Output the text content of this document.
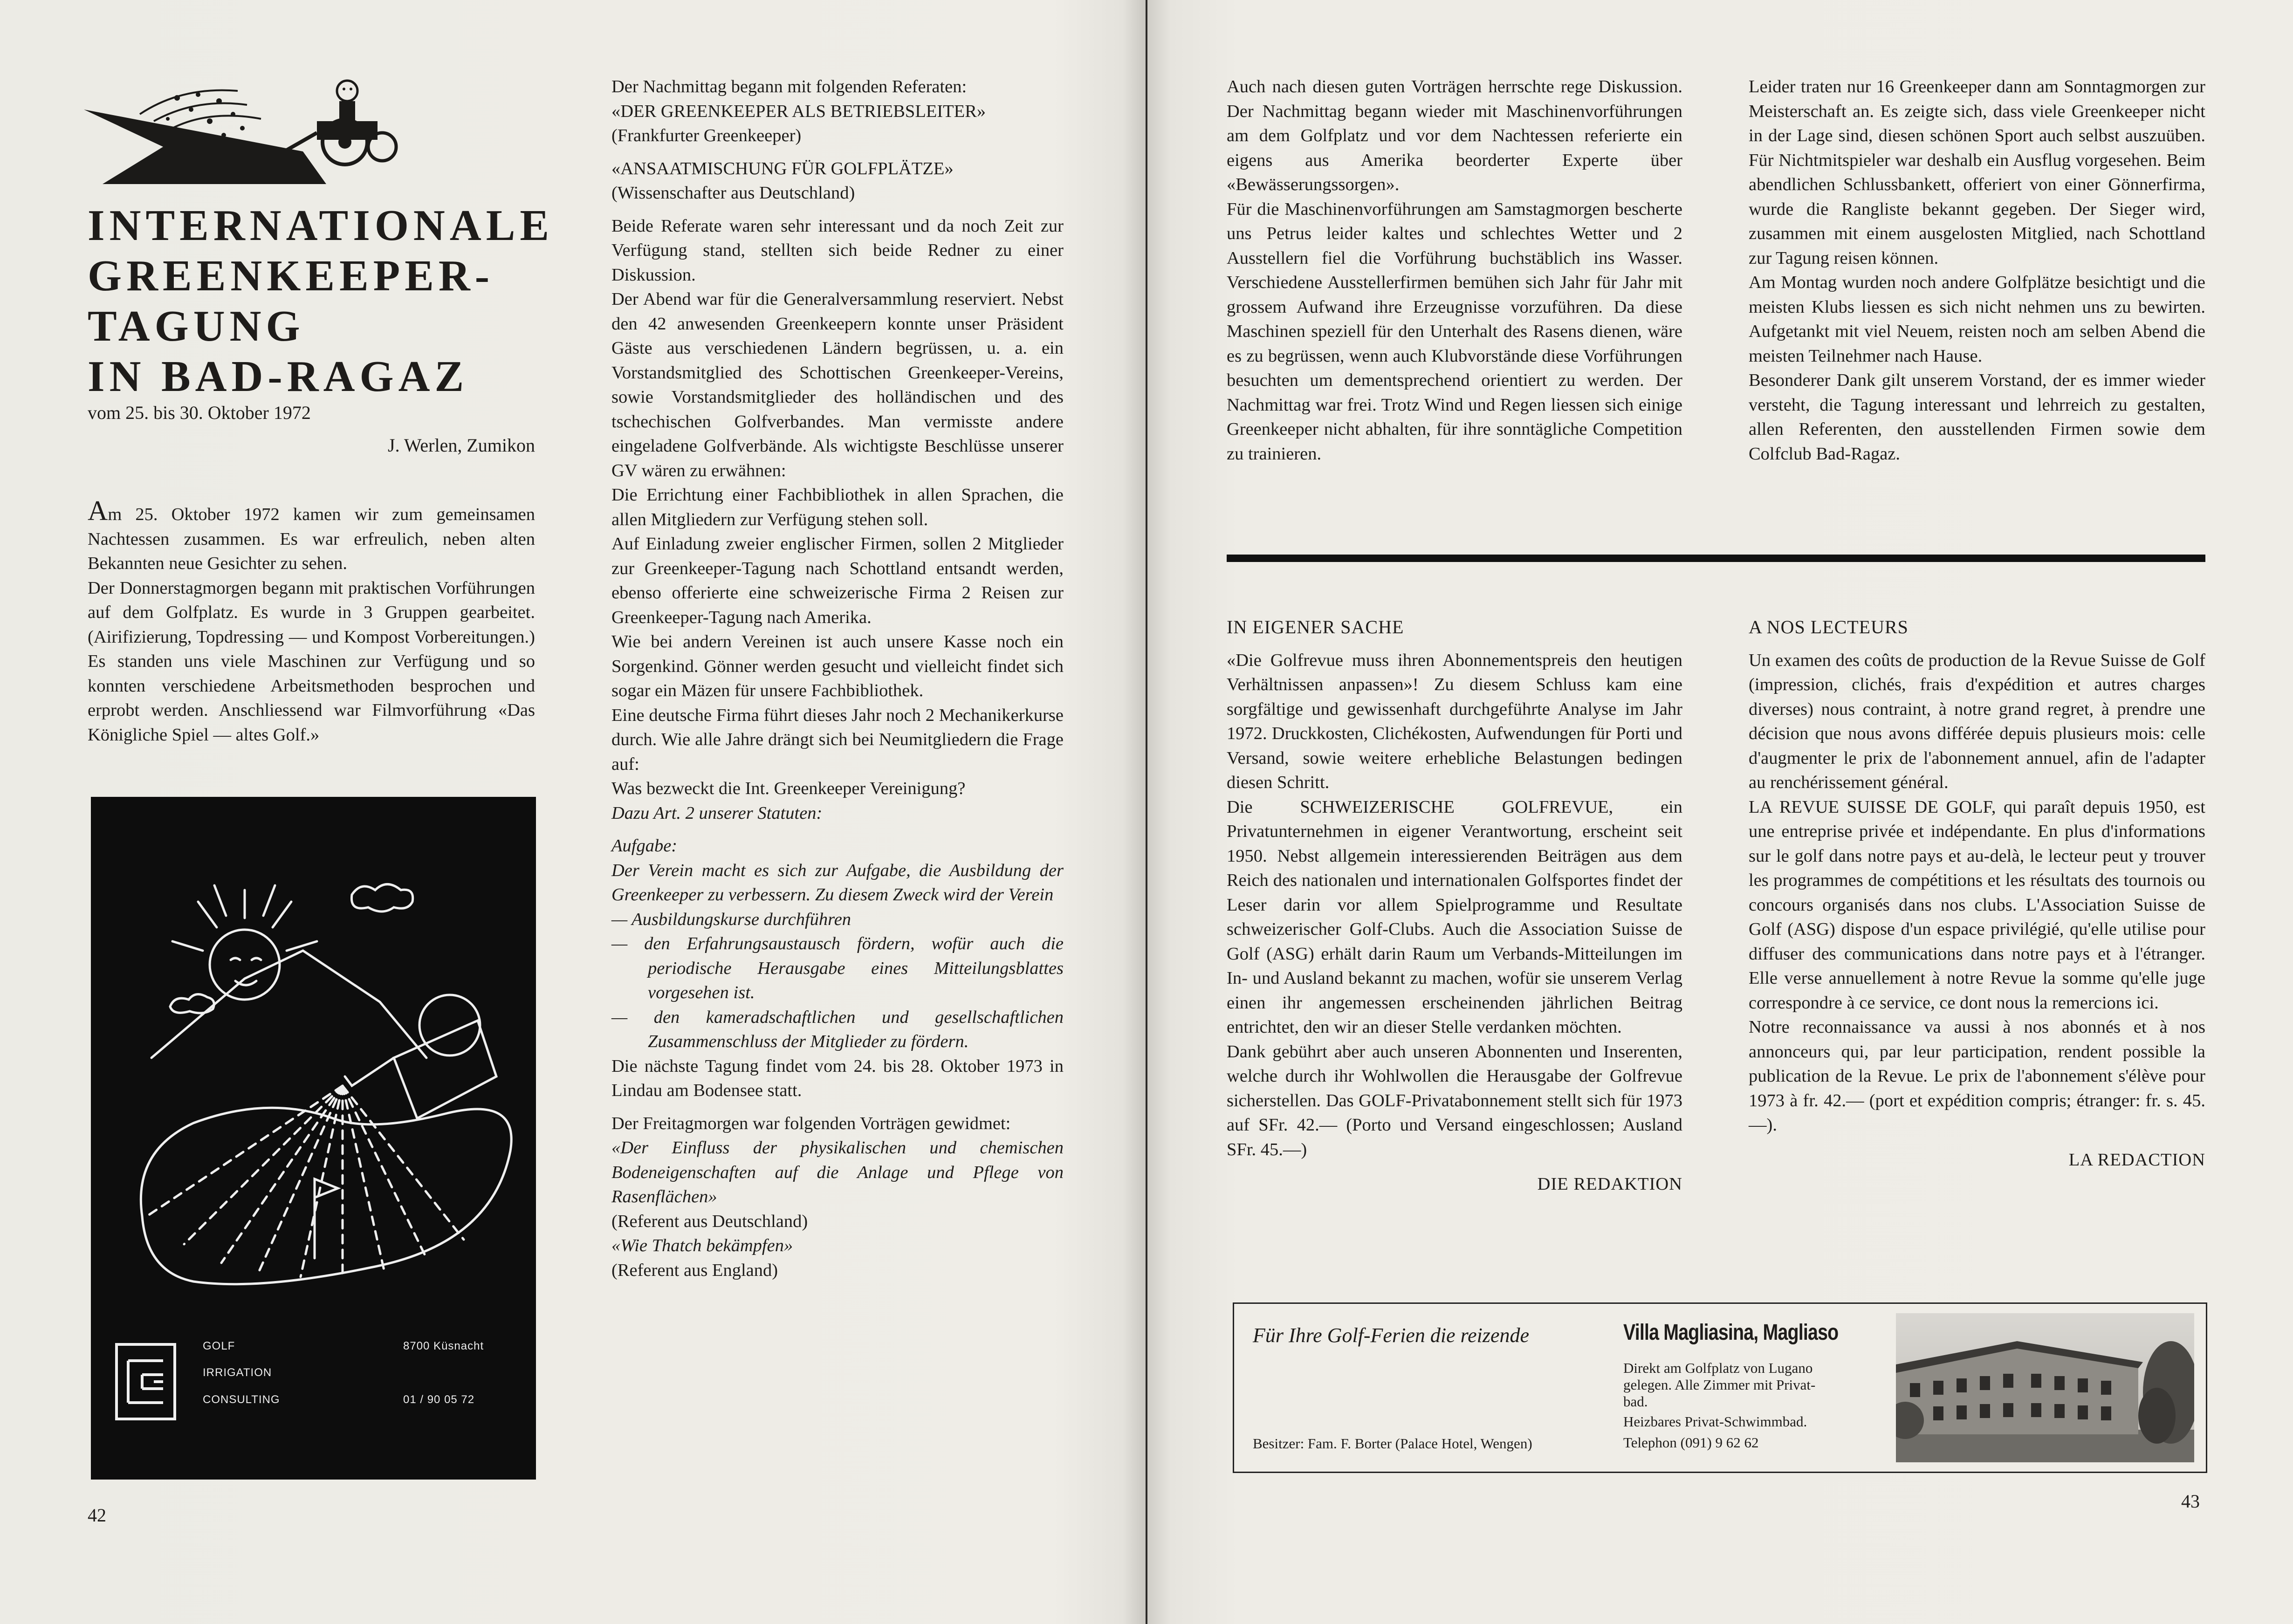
INTERNATIONALE

GREENKEEPER-

TAGUNG

IN BAD-RAGAZ

vom 25. bis 30. Oktober 1972

J. Werlen, Zumikon

Am 25. Oktober 1972 kamen wir zum gemeinsamen Nachtessen zusammen. Es war erfreulich, neben alten Bekannten neue Gesichter zu sehen.

Der Donnerstagmorgen begann mit praktischen Vorführungen auf dem Golfplatz. Es wurde in 3 Gruppen gearbeitet. (Airifizierung, Topdressing — und Kompost Vorbereitungen.) Es standen uns viele Maschinen zur Verfügung und so konnten verschiedene Arbeitsmethoden besprochen und erprobt werden. Anschliessend war Filmvorführung «Das Königliche Spiel — altes Golf.»

GOLF
IRRIGATION
CONSULTING
8700 Küsnacht
01 / 90 05 72

Der Nachmittag begann mit folgenden Referaten:

«DER GREENKEEPER ALS BETRIEBSLEITER»

(Frankfurter Greenkeeper)

«ANSAATMISCHUNG FÜR GOLFPLÄTZE»

(Wissenschafter aus Deutschland)

Beide Referate waren sehr interessant und da noch Zeit zur Verfügung stand, stellten sich beide Redner zu einer Diskussion.

Der Abend war für die Generalversammlung reserviert. Nebst den 42 anwesenden Greenkeepern konnte unser Präsident Gäste aus verschiedenen Ländern begrüssen, u. a. ein Vorstandsmitglied des Schottischen Greenkeeper-Vereins, sowie Vorstandsmitglieder des holländischen und des tschechischen Golfverbandes. Man vermisste andere eingeladene Golfverbände. Als wichtigste Beschlüsse unserer GV wären zu erwähnen:

Die Errichtung einer Fachbibliothek in allen Sprachen, die allen Mitgliedern zur Verfügung stehen soll.

Auf Einladung zweier englischer Firmen, sollen 2 Mitglieder zur Greenkeeper-Tagung nach Schottland entsandt werden, ebenso offerierte eine schweizerische Firma 2 Reisen zur Greenkeeper-Tagung nach Amerika.

Wie bei andern Vereinen ist auch unsere Kasse noch ein Sorgenkind. Gönner werden gesucht und vielleicht findet sich sogar ein Mäzen für unsere Fachbibliothek.

Eine deutsche Firma führt dieses Jahr noch 2 Mechanikerkurse durch. Wie alle Jahre drängt sich bei Neumitgliedern die Frage auf:

Was bezweckt die Int. Greenkeeper Vereinigung?

Dazu Art. 2 unserer Statuten:

Aufgabe:

Der Verein macht es sich zur Aufgabe, die Ausbildung der Greenkeeper zu verbessern. Zu diesem Zweck wird der Verein

— Ausbildungskurse durchführen

— den Erfahrungsaustausch fördern, wofür auch die periodische Herausgabe eines Mitteilungsblattes vorgesehen ist.

— den kameradschaftlichen und gesellschaftlichen Zusammenschluss der Mitglieder zu fördern.

Die nächste Tagung findet vom 24. bis 28. Oktober 1973 in Lindau am Bodensee statt.

Der Freitagmorgen war folgenden Vorträgen gewidmet:

«Der Einfluss der physikalischen und chemischen Bodeneigenschaften auf die Anlage und Pflege von Rasenflächen»

(Referent aus Deutschland)

«Wie Thatch bekämpfen»

(Referent aus England)

42

Auch nach diesen guten Vorträgen herrschte rege Diskussion. Der Nachmittag begann wieder mit Maschinenvorführungen am dem Golfplatz und vor dem Nachtessen referierte ein eigens aus Amerika beorderter Experte über «Bewässerungssorgen».

Für die Maschinenvorführungen am Samstagmorgen bescherte uns Petrus leider kaltes und schlechtes Wetter und 2 Ausstellern fiel die Vorführung buchstäblich ins Wasser. Verschiedene Ausstellerfirmen bemühen sich Jahr für Jahr mit grossem Aufwand ihre Erzeugnisse vorzuführen. Da diese Maschinen speziell für den Unterhalt des Rasens dienen, wäre es zu begrüssen, wenn auch Klubvorstände diese Vorführungen besuchten um dementsprechend orientiert zu werden. Der Nachmittag war frei. Trotz Wind und Regen liessen sich einige Greenkeeper nicht abhalten, für ihre sonntägliche Competition zu trainieren.

Leider traten nur 16 Greenkeeper dann am Sonntagmorgen zur Meisterschaft an. Es zeigte sich, dass viele Greenkeeper nicht in der Lage sind, diesen schönen Sport auch selbst auszuüben. Für Nichtmitspieler war deshalb ein Ausflug vorgesehen. Beim abendlichen Schlussbankett, offeriert von einer Gönnerfirma, wurde die Rangliste bekannt gegeben. Der Sieger wird, zusammen mit einem ausgelosten Mitglied, nach Schottland zur Tagung reisen können.

Am Montag wurden noch andere Golfplätze besichtigt und die meisten Klubs liessen es sich nicht nehmen uns zu bewirten. Aufgetankt mit viel Neuem, reisten noch am selben Abend die meisten Teilnehmer nach Hause.

Besonderer Dank gilt unserem Vorstand, der es immer wieder versteht, die Tagung interessant und lehrreich zu gestalten, allen Referenten, den ausstellenden Firmen sowie dem Colfclub Bad-Ragaz.

IN EIGENER SACHE

«Die Golfrevue muss ihren Abonnementspreis den heutigen Verhältnissen anpassen»! Zu diesem Schluss kam eine sorgfältige und gewissenhaft durchgeführte Analyse im Jahr 1972. Druckkosten, Clichékosten, Aufwendungen für Porti und Versand, sowie weitere erhebliche Belastungen bedingen diesen Schritt.

Die SCHWEIZERISCHE GOLFREVUE, ein Privatunternehmen in eigener Verantwortung, erscheint seit 1950. Nebst allgemein interessierenden Beiträgen aus dem Reich des nationalen und internationalen Golfsportes findet der Leser darin vor allem Spielprogramme und Resultate schweizerischer Golf-Clubs. Auch die Association Suisse de Golf (ASG) erhält darin Raum um Verbands-Mitteilungen im In- und Ausland bekannt zu machen, wofür sie unserem Verlag einen ihr angemessen erscheinenden jährlichen Beitrag entrichtet, den wir an dieser Stelle verdanken möchten.

Dank gebührt aber auch unseren Abonnenten und Inserenten, welche durch ihr Wohlwollen die Herausgabe der Golfrevue sicherstellen. Das GOLF-Privatabonnement stellt sich für 1973 auf SFr. 42.— (Porto und Versand eingeschlossen; Ausland SFr. 45.—)

DIE REDAKTION

A NOS LECTEURS

Un examen des coûts de production de la Revue Suisse de Golf (impression, clichés, frais d'expédition et autres charges diverses) nous contraint, à notre grand regret, à prendre une décision que nous avons différée depuis plusieurs mois: celle d'augmenter le prix de l'abonnement annuel, afin de l'adapter au renchérissement général.

LA REVUE SUISSE DE GOLF, qui paraît depuis 1950, est une entreprise privée et indépendante. En plus d'informations sur le golf dans notre pays et au-delà, le lecteur peut y trouver les programmes de compétitions et les résultats des tournois ou concours organisés dans nos clubs. L'Association Suisse de Golf (ASG) dispose d'un espace privilégié, qu'elle utilise pour diffuser des communications dans notre pays et à l'étranger. Elle verse annuellement à notre Revue la somme qu'elle juge correspondre à ce service, ce dont nous la remercions ici.

Notre reconnaissance va aussi à nos abonnés et à nos annonceurs qui, par leur participation, rendent possible la publication de la Revue. Le prix de l'abonnement s'élève pour 1973 à fr. 42.— (port et expédition compris; étranger: fr. s. 45.—).

LA REDACTION

Für Ihre Golf-Ferien die reizende	Villa Magliasina, Magliaso
Direkt am Golfplatz von Lugano
gelegen. Alle Zimmer mit Privat-
bad.
Heizbares Privat-Schwimmbad.
Telephon (091) 9 62 62
Besitzer: Fam. F. Borter (Palace Hotel, Wengen)
43
